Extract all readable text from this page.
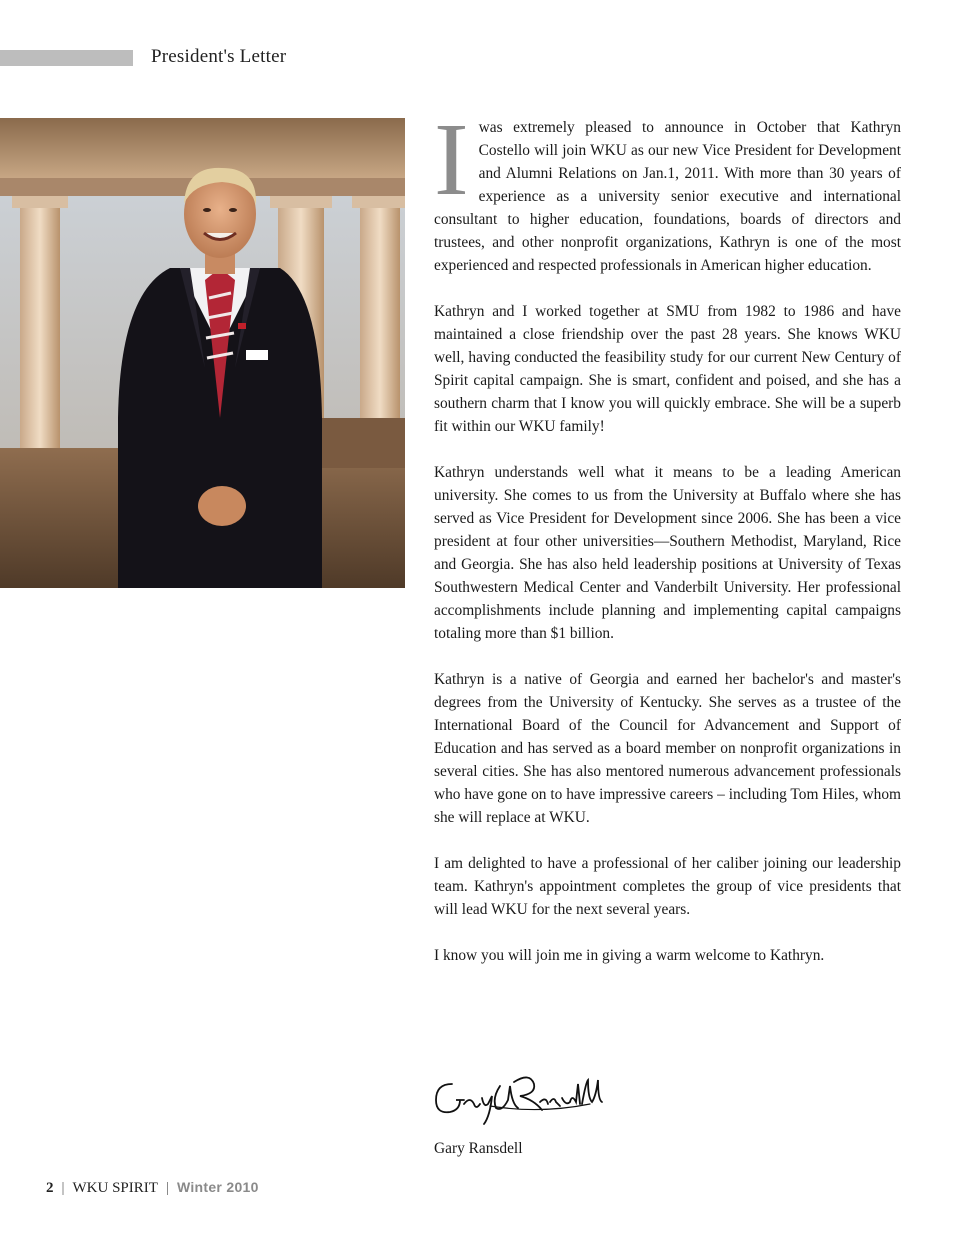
President's Letter

Iwas extremely pleased to announce in October that Kathryn Costello will join WKU as our new Vice President for Development and Alumni Relations on Jan.1, 2011. With more than 30 years of experience as a university senior executive and international consultant to higher education, foundations, boards of directors and trustees, and other nonprofit organizations, Kathryn is one of the most experienced and respected professionals in American higher education.

Kathryn and I worked together at SMU from 1982 to 1986 and have maintained a close friendship over the past 28 years. She knows WKU well, having conducted the feasibility study for our current New Century of Spirit capital campaign. She is smart, confident and poised, and she has a southern charm that I know you will quickly embrace. She will be a superb fit within our WKU family!

Kathryn understands well what it means to be a leading American university. She comes to us from the University at Buffalo where she has served as Vice President for Development since 2006. She has been a vice president at four other universities—Southern Methodist, Maryland, Rice and Georgia. She has also held leadership positions at University of Texas Southwestern Medical Center and Vanderbilt University. Her professional accomplishments include planning and implementing capital campaigns totaling more than $1 billion.

Kathryn is a native of Georgia and earned her bachelor's and master's degrees from the University of Kentucky. She serves as a trustee of the International Board of the Council for Advancement and Support of Education and has served as a board member on nonprofit organizations in several cities. She has also mentored numerous advancement professionals who have gone on to have impressive careers – including Tom Hiles, whom she will replace at WKU.

I am delighted to have a professional of her caliber joining our leadership team. Kathryn's appointment completes the group of vice presidents that will lead WKU for the next several years.

I know you will join me in giving a warm welcome to Kathryn.

Gary Ransdell
2 | WKU SPIRIT | Winter 2010
